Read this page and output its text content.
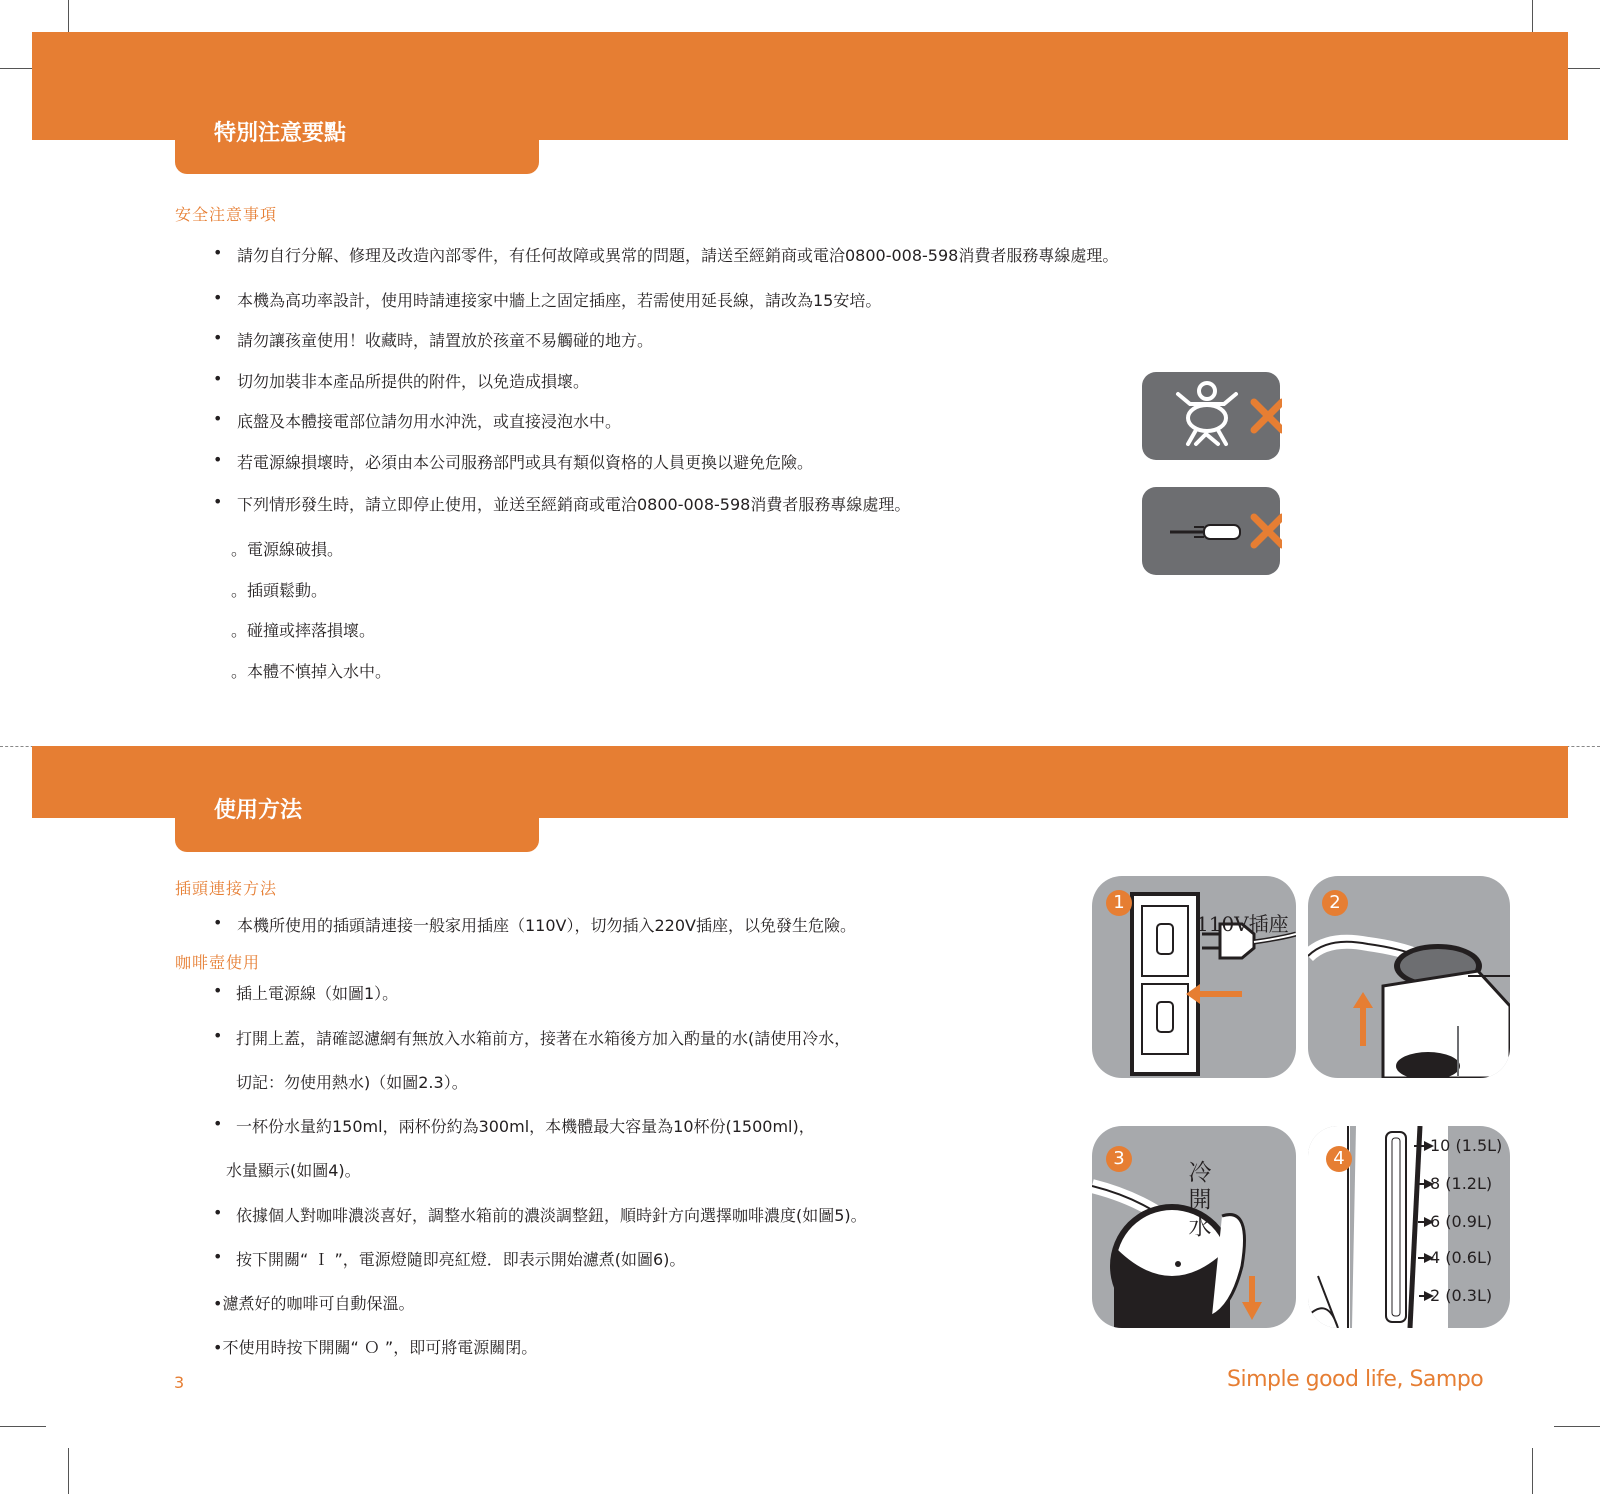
特別注意要點
安全注意事項
• 請勿自行分解、修理及改造內部零件，有任何故障或異常的問題，請送至經銷商或電洽0800-008-598消費者服務專線處理。
• 本機為高功率設計，使用時請連接家中牆上之固定插座，若需使用延長線，請改為15安培。
• 請勿讓孩童使用！收藏時，請置放於孩童不易觸碰的地方。
• 切勿加裝非本產品所提供的附件，以免造成損壞。
• 底盤及本體接電部位請勿用水沖洗，或直接浸泡水中。
• 若電源線損壞時，必須由本公司服務部門或具有類似資格的人員更換以避免危險。
• 下列情形發生時，請立即停止使用，並送至經銷商或電洽0800-008-598消費者服務專線處理。
。電源線破損。
。插頭鬆動。
。碰撞或摔落損壞。
。本體不慎掉入水中。
使用方法
插頭連接方法
• 本機所使用的插頭請連接一般家用插座（110V），切勿插入220V插座，以免發生危險。
咖啡壺使用
• 插上電源線（如圖1）。
• 打開上蓋，請確認濾網有無放入水箱前方，接著在水箱後方加入酌量的水(請使用冷水，
切記：勿使用熱水)（如圖2.3）。
• 一杯份水量約150ml，兩杯份約為300ml，本機體最大容量為10杯份(1500ml)，
水量顯示(如圖4)。
• 依據個人對咖啡濃淡喜好，調整水箱前的濃淡調整鈕，順時針方向選擇咖啡濃度(如圖5)。
• 按下開關“ Ｉ ”，電源燈隨即亮紅燈．即表示開始濾煮(如圖6)。
•濾煮好的咖啡可自動保溫。
•不使用時按下開關“ Ｏ ”，即可將電源關閉。
1
110V插座
2
3
冷開水
4
10 (1.5L)
8 (1.2L)
6 (0.9L)
4 (0.6L)
2 (0.3L)
3	Simple good life, Sampo
